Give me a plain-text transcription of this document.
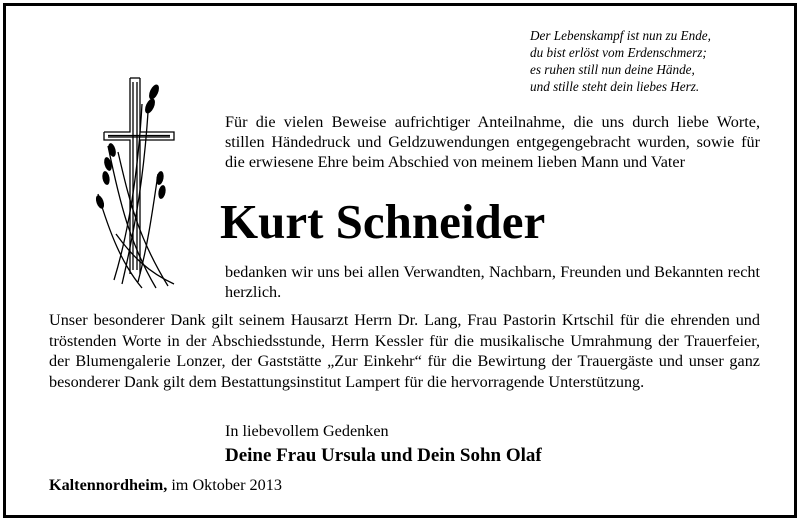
Der Lebenskampf ist nun zu Ende,
du bist erlöst vom Erdenschmerz;
es ruhen still nun deine Hände,
und stille steht dein liebes Herz.
Für die vielen Beweise aufrichtiger Anteilnahme, die uns durch liebe Worte, stillen Händedruck und Geldzuwendungen entgegengebracht wurden, sowie für die erwiesene Ehre beim Abschied von meinem lieben Mann und Vater
Kurt Schneider
bedanken wir uns bei allen Verwandten, Nachbarn, Freunden und Bekannten recht herzlich.
Unser besonderer Dank gilt seinem Hausarzt Herrn Dr. Lang, Frau Pastorin Krtschil für die ehrenden und tröstenden Worte in der Abschiedsstunde, Herrn Kessler für die musikalische Umrahmung der Trauerfeier, der Blumengalerie Lonzer, der Gaststätte „Zur Einkehr“ für die Bewirtung der Trauergäste und unser ganz besonderer Dank gilt dem Bestattungsinstitut Lampert für die hervorragende Unterstützung.
In liebevollem Gedenken
Deine Frau Ursula und Dein Sohn Olaf
Kaltennordheim, im Oktober 2013
